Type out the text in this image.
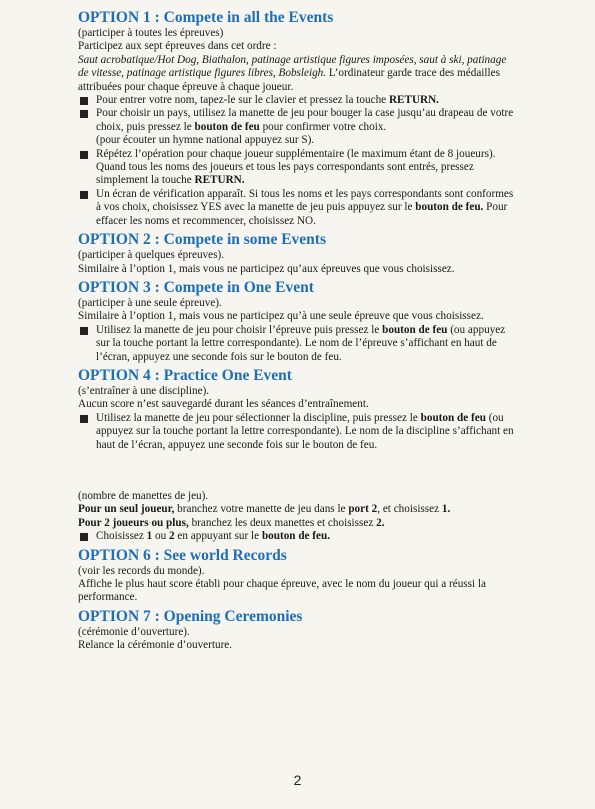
OPTION 1 : Compete in all the Events

(participer à toutes les épreuves)

Participez aux sept épreuves dans cet ordre :

Saut acrobatique/Hot Dog, Biathalon, patinage artistique figures imposées, saut à ski, patinage de vitesse, patinage artistique figures libres, Bobsleigh. L’ordinateur garde trace des médailles attribuées pour chaque épreuve à chaque joueur.

Pour entrer votre nom, tapez-le sur le clavier et pressez la touche RETURN.
Pour choisir un pays, utilisez la manette de jeu pour bouger la case jusqu’au drapeau de votre choix, puis pressez le bouton de feu pour confirmer votre choix.
(pour écouter un hymne national appuyez sur S).
Répétez l’opération pour chaque joueur supplémentaire (le maximum étant de 8 joueurs). Quand tous les noms des joueurs et tous les pays correspondants sont entrés, pressez simplement la touche RETURN.
Un écran de vérification apparaît. Si tous les noms et les pays correspondants sont conformes à vos choix, choisissez YES avec la manette de jeu puis appuyez sur le bouton de feu. Pour effacer les noms et recommencer, choisissez NO.
OPTION 2 : Compete in some Events

(participer à quelques épreuves).

Similaire à l’option 1, mais vous ne participez qu’aux épreuves que vous choisissez.

OPTION 3 : Compete in One Event

(participer à une seule épreuve).

Similaire à l’option 1, mais vous ne participez qu’à une seule épreuve que vous choisissez.

Utilisez la manette de jeu pour choisir l’épreuve puis pressez le bouton de feu (ou appuyez sur la touche portant la lettre correspondante). Le nom de l’épreuve s’affichant en haut de l’écran, appuyez une seconde fois sur le bouton de feu.
OPTION 4 : Practice One Event

(s’entraîner à une discipline).

Aucun score n’est sauvegardé durant les séances d’entraînement.

Utilisez la manette de jeu pour sélectionner la discipline, puis pressez le bouton de feu (ou appuyez sur la touche portant la lettre correspondante). Le nom de la discipline s’affichant en haut de l’écran, appuyez une seconde fois sur le bouton de feu.

(nombre de manettes de jeu).

Pour un seul joueur, branchez votre manette de jeu dans le port 2, et choisissez 1.

Pour 2 joueurs ou plus, branchez les deux manettes et choisissez 2.

Choisissez 1 ou 2 en appuyant sur le bouton de feu.
OPTION 6 : See world Records

(voir les records du monde).

Affiche le plus haut score établi pour chaque épreuve, avec le nom du joueur qui a réussi la performance.

OPTION 7 : Opening Ceremonies

(cérémonie d’ouverture).

Relance la cérémonie d’ouverture.

2
